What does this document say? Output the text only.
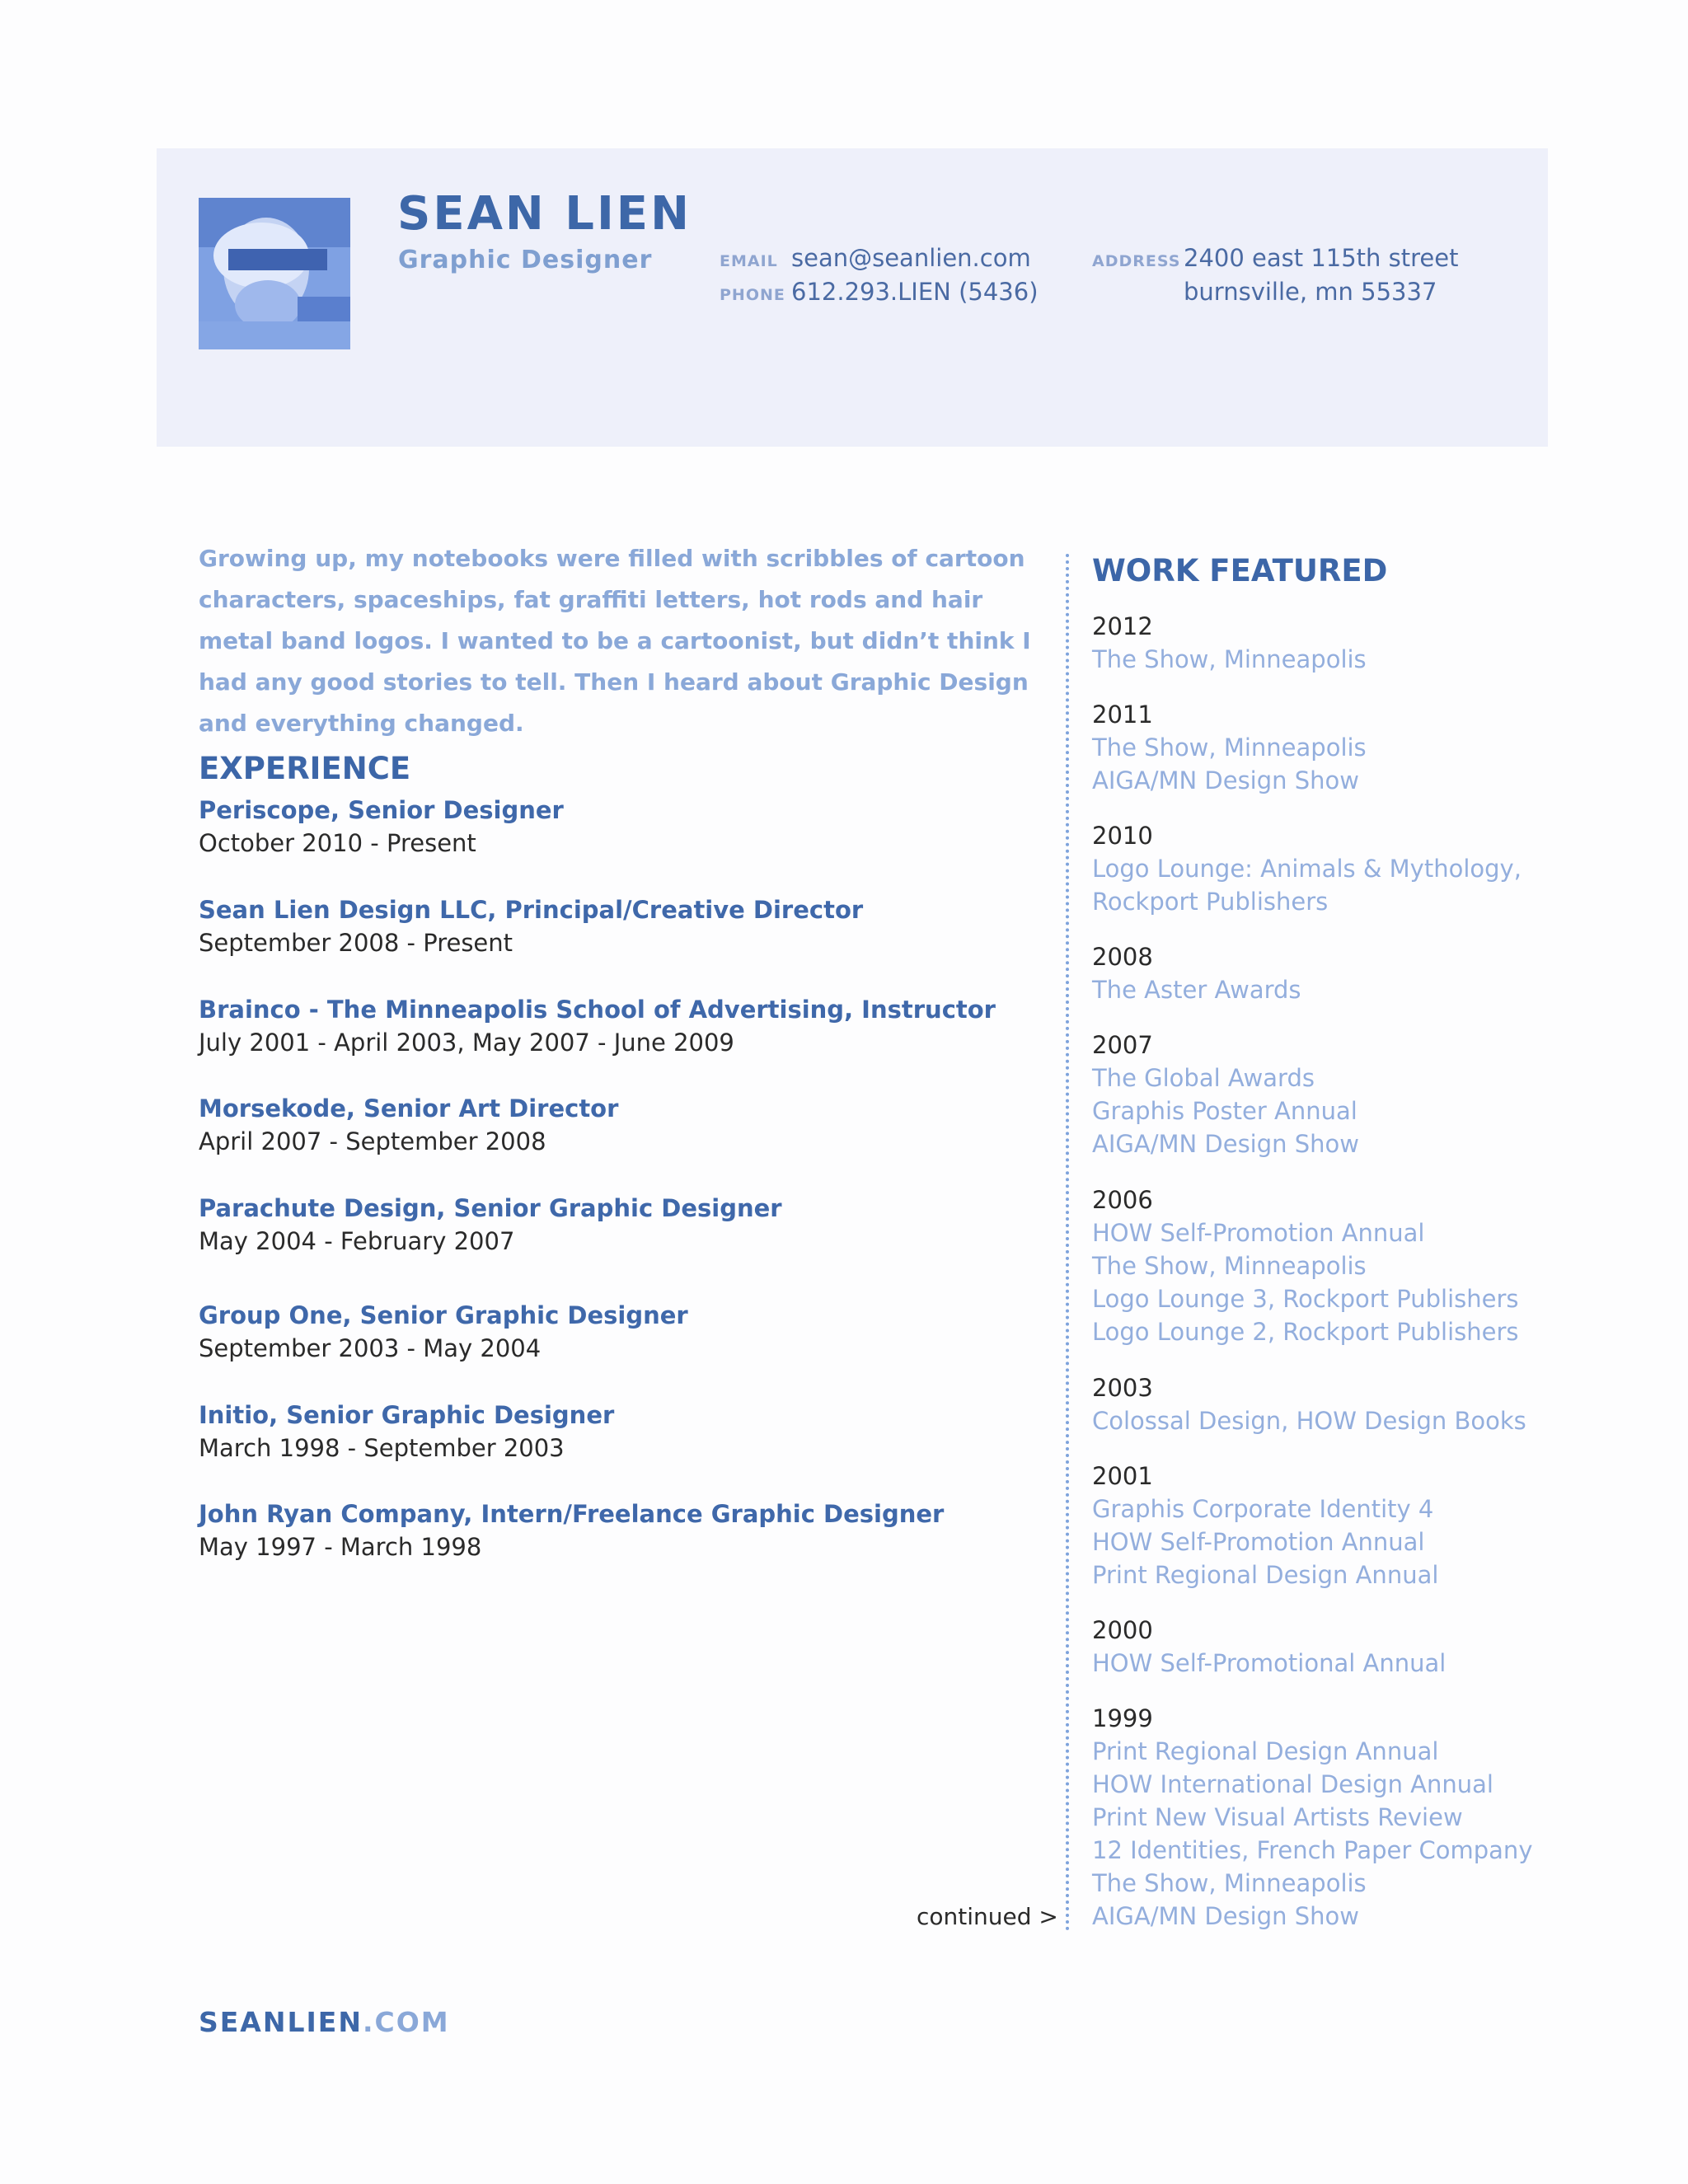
SEAN LIEN
Graphic Designer	EMAIL sean@seanlien.com
PHONE 612.293.LIEN (5436)
ADDRESS 2400 east 115th street
burnsville, mn 55337

Growing up, my notebooks were filled with scribbles of cartoon characters, spaceships, fat graffiti letters, hot rods and hair metal band logos. I wanted to be a cartoonist, but didn’t think I had any good stories to tell. Then I heard about Graphic Design and everything changed.

EXPERIENCE
Periscope, Senior Designer
October 2010 - Present
Sean Lien Design LLC, Principal/Creative Director
September 2008 - Present
Brainco - The Minneapolis School of Advertising, Instructor
July 2001 - April 2003, May 2007 - June 2009
Morsekode, Senior Art Director
April 2007 - September 2008
Parachute Design, Senior Graphic Designer
May 2004 - February 2007
Group One, Senior Graphic Designer
September 2003 - May 2004
Initio, Senior Graphic Designer
March 1998 - September 2003
John Ryan Company, Intern/Freelance Graphic Designer
May 1997 - March 1998
continued >
WORK FEATURED
2012
The Show, Minneapolis
2011
The Show, Minneapolis
AIGA/MN Design Show
2010
Logo Lounge: Animals & Mythology,
Rockport Publishers
2008
The Aster Awards
2007
The Global Awards
Graphis Poster Annual
AIGA/MN Design Show
2006
HOW Self-Promotion Annual
The Show, Minneapolis
Logo Lounge 3, Rockport Publishers
Logo Lounge 2, Rockport Publishers
2003
Colossal Design, HOW Design Books
2001
Graphis Corporate Identity 4
HOW Self-Promotion Annual
Print Regional Design Annual
2000
HOW Self-Promotional Annual
1999
Print Regional Design Annual
HOW International Design Annual
Print New Visual Artists Review
12 Identities, French Paper Company
The Show, Minneapolis
AIGA/MN Design Show
SEANLIEN.COM
